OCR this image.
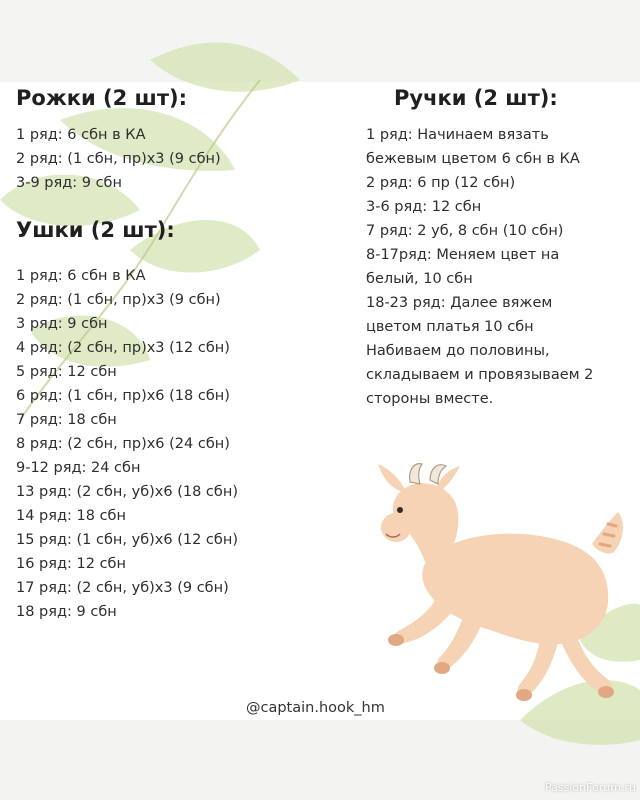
Рожки (2 шт):
1 ряд: 6 сбн в КА
2 ряд: (1 сбн, пр)х3 (9 сбн)
3-9 ряд: 9 сбн
Ушки (2 шт):
1 ряд: 6 сбн в КА
2 ряд: (1 сбн, пр)х3 (9 сбн)
3 ряд: 9 сбн
4 ряд: (2 сбн, пр)х3 (12 сбн)
5 ряд: 12 сбн
6 ряд: (1 сбн, пр)х6 (18 сбн)
7 ряд: 18 сбн
8 ряд: (2 сбн, пр)х6 (24 сбн)
9-12 ряд: 24 сбн
13 ряд: (2 сбн, уб)х6 (18 сбн)
14 ряд: 18 сбн
15 ряд: (1 сбн, уб)х6 (12 сбн)
16 ряд: 12 сбн
17 ряд: (2 сбн, уб)х3 (9 сбн)
18 ряд: 9 сбн
Ручки (2 шт):
1 ряд: Начинаем вязать
бежевым цветом 6 сбн в КА
2 ряд: 6 пр (12 сбн)
3-6 ряд: 12 сбн
7 ряд: 2 уб, 8 сбн (10 сбн)
8-17ряд: Меняем цвет на
белый, 10 сбн
18-23 ряд: Далее вяжем
цветом платья 10 сбн
Набиваем до половины,
складываем и провязываем 2
стороны вместе.
@captain.hook_hm
PassionForum.ru
